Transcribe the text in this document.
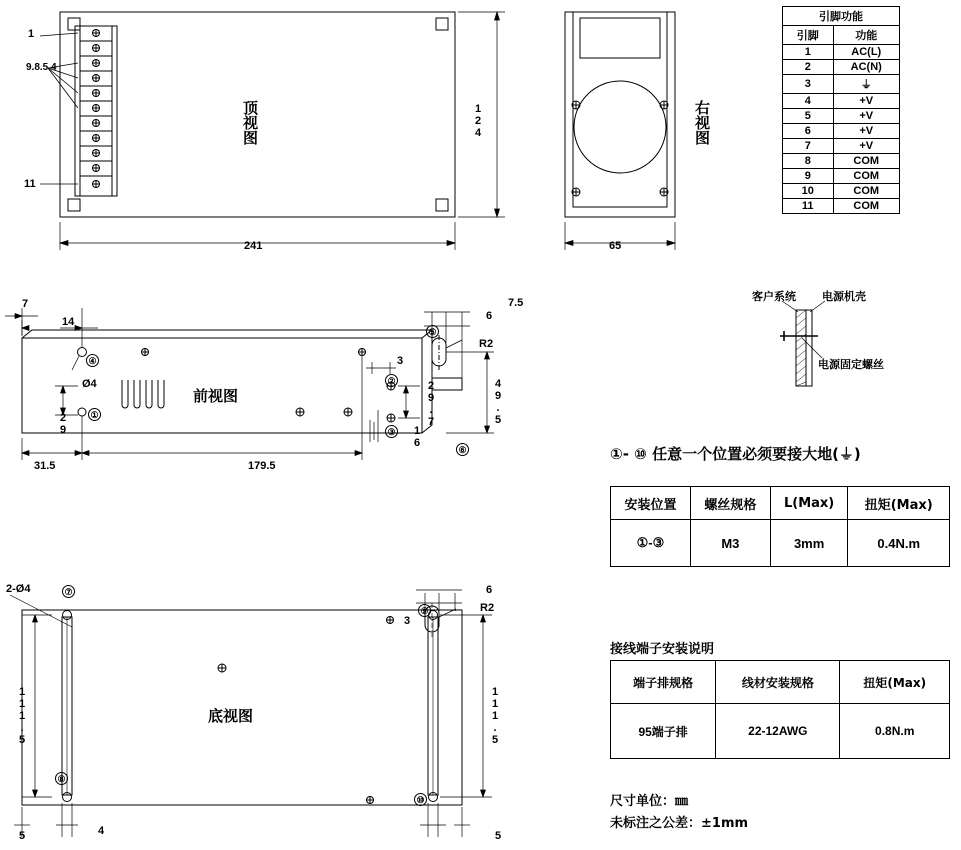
顶视图
1
11
9.8.5.4
241
124	右视图
65
引脚功能	
引脚	功能
1	AC(L)
2	AC(N)
3	⏚
4	+V
5	+V
6	+V
7	+V
8	COM
9	COM
10	COM
11	COM
前视图
7
14
Ø4
29
31.5	179.5
3
16
29.7	49.5
6
7.5
R2
④
①
②
③
⑤
⑥
底视图
2-Ø4
111.5	111.5
5	4	5
3
6
R2
⑦
⑧
⑨
⑩
客户系统 电源机壳
电源固定螺丝
①- ⑩ 任意一个位置必须要接大地(⏚)
安装位置	螺丝规格	L(Max)	扭矩(Max)
①-③	M3	3mm	0.4N.m
接线端子安装说明
端子排规格	线材安装规格	扭矩(Max)
95端子排	22-12AWG	0.8N.m
尺寸单位：㎜
未标注之公差：±1mm
